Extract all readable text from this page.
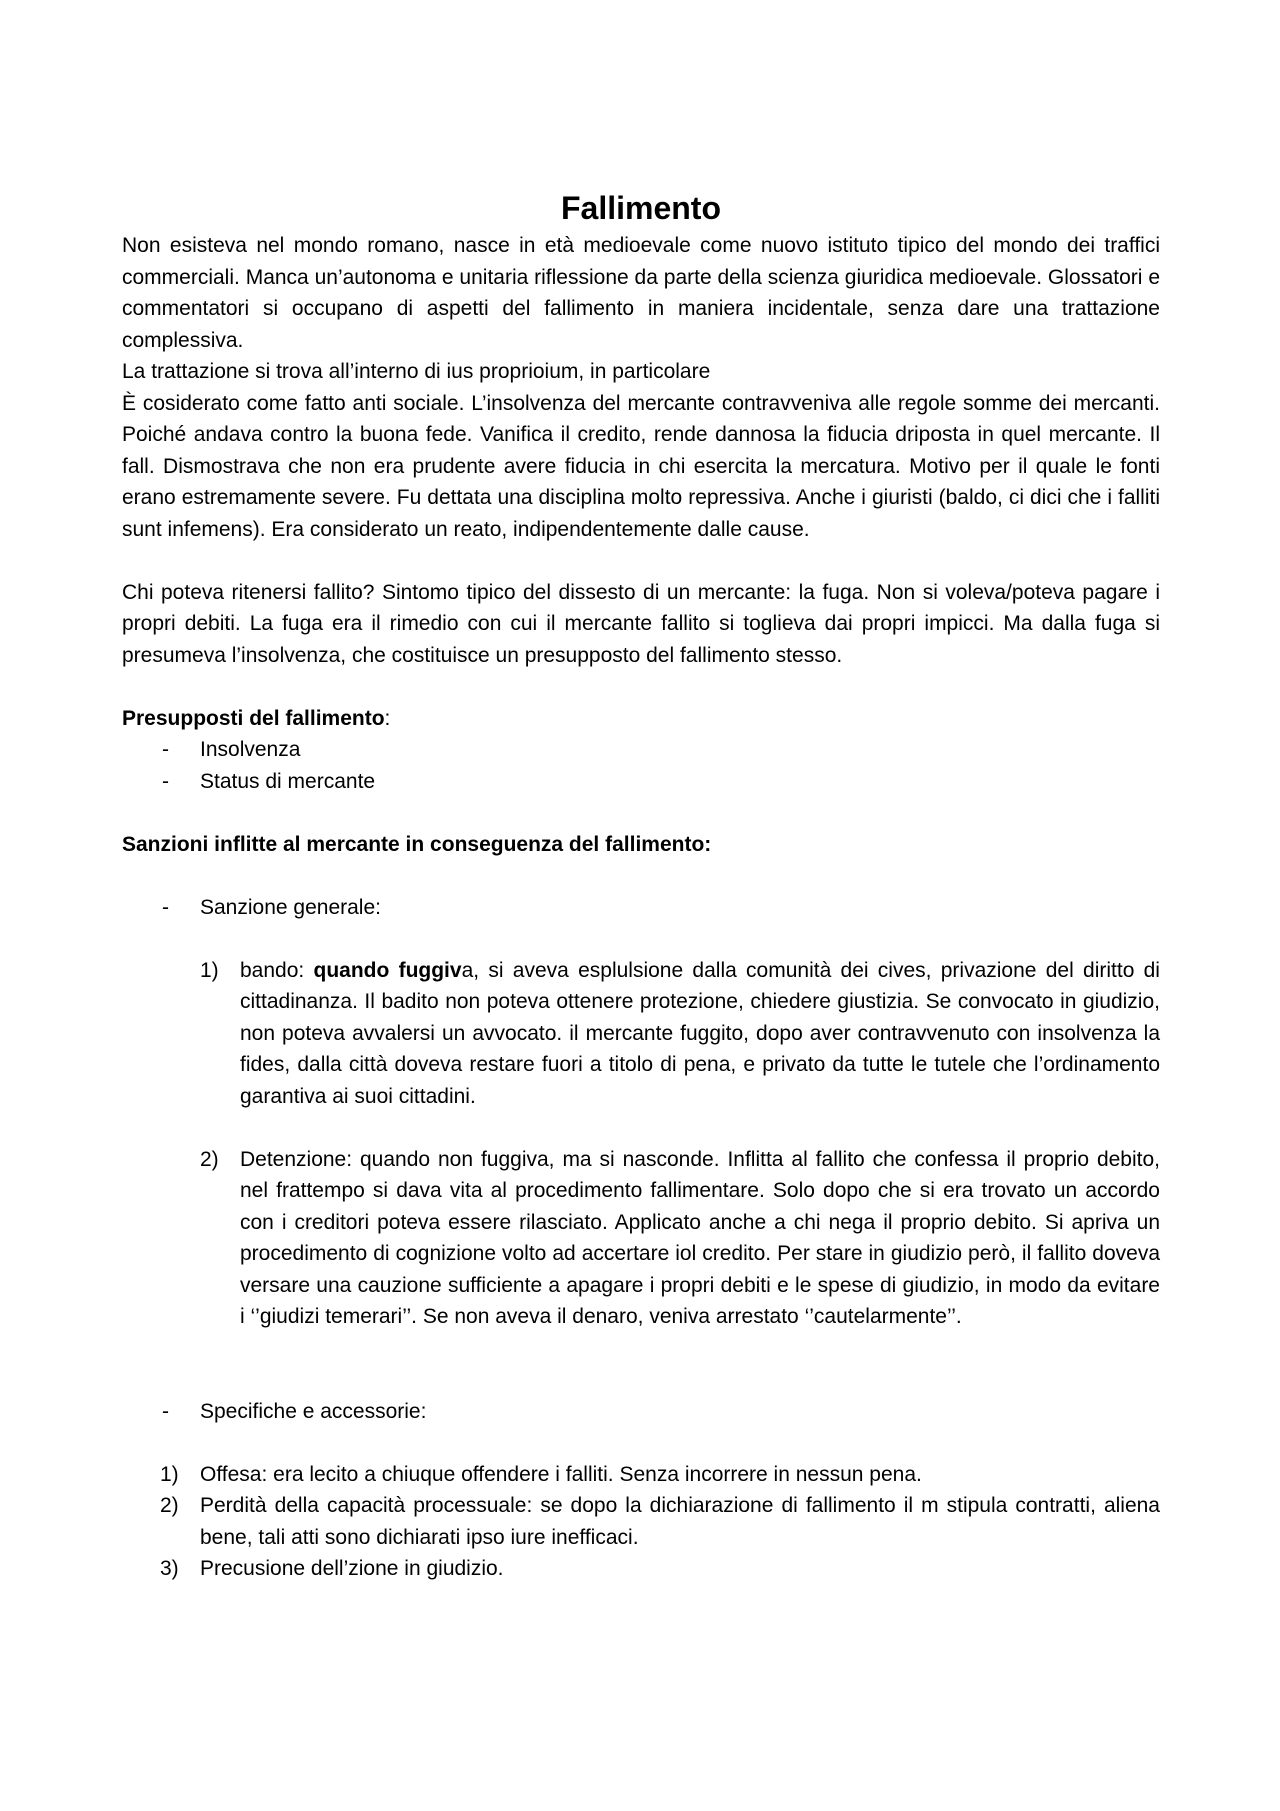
Fallimento

Non esisteva nel mondo romano, nasce in età medioevale come nuovo istituto tipico del mondo dei traffici commerciali. Manca un’autonoma e unitaria riflessione da parte della scienza giuridica medioevale. Glossatori e commentatori si occupano di aspetti del fallimento in maniera incidentale, senza dare una trattazione complessiva.

La trattazione si trova all’interno di ius proprioium, in particolare

È cosiderato come fatto anti sociale. L’insolvenza del mercante contravveniva alle regole somme dei mercanti. Poiché andava contro la buona fede. Vanifica il credito, rende dannosa la fiducia driposta in quel mercante. Il fall. Dismostrava che non era prudente avere fiducia in chi esercita la mercatura. Motivo per il quale le fonti erano estremamente severe. Fu dettata una disciplina molto repressiva. Anche i giuristi (baldo, ci dici che i falliti sunt infemens). Era considerato un reato, indipendentemente dalle cause.

Chi poteva ritenersi fallito? Sintomo tipico del dissesto di un mercante: la fuga. Non si voleva/poteva pagare i propri debiti. La fuga era il rimedio con cui il mercante fallito si toglieva dai propri impicci. Ma dalla fuga si presumeva l’insolvenza, che costituisce un presupposto del fallimento stesso.

Presupposti del fallimento:

- Insolvenza
- Status di mercante

Sanzioni inflitte al mercante in conseguenza del fallimento:

- Sanzione generale:
1) bando: quando fuggiva, si aveva esplulsione dalla comunità dei cives, privazione del diritto di cittadinanza. Il badito non poteva ottenere protezione, chiedere giustizia. Se convocato in giudizio, non poteva avvalersi un avvocato. il mercante fuggito, dopo aver contravvenuto con insolvenza la fides, dalla città doveva restare fuori a titolo di pena, e privato da tutte le tutele che l’ordinamento garantiva ai suoi cittadini.
2) Detenzione: quando non fuggiva, ma si nasconde. Inflitta al fallito che confessa il proprio debito, nel frattempo si dava vita al procedimento fallimentare. Solo dopo che si era trovato un accordo con i creditori poteva essere rilasciato. Applicato anche a chi nega il proprio debito. Si apriva un procedimento di cognizione volto ad accertare iol credito. Per stare in giudizio però, il fallito doveva versare una cauzione sufficiente a apagare i propri debiti e le spese di giudizio, in modo da evitare i ‘’giudizi temerari’’. Se non aveva il denaro, veniva arrestato ‘’cautelarmente’’.
- Specifiche e accessorie:
1) Offesa: era lecito a chiuque offendere i falliti. Senza incorrere in nessun pena.
2) Perdità della capacità processuale: se dopo la dichiarazione di fallimento il m stipula contratti, aliena bene, tali atti sono dichiarati ipso iure inefficaci.
3) Precusione dell’zione in giudizio.
